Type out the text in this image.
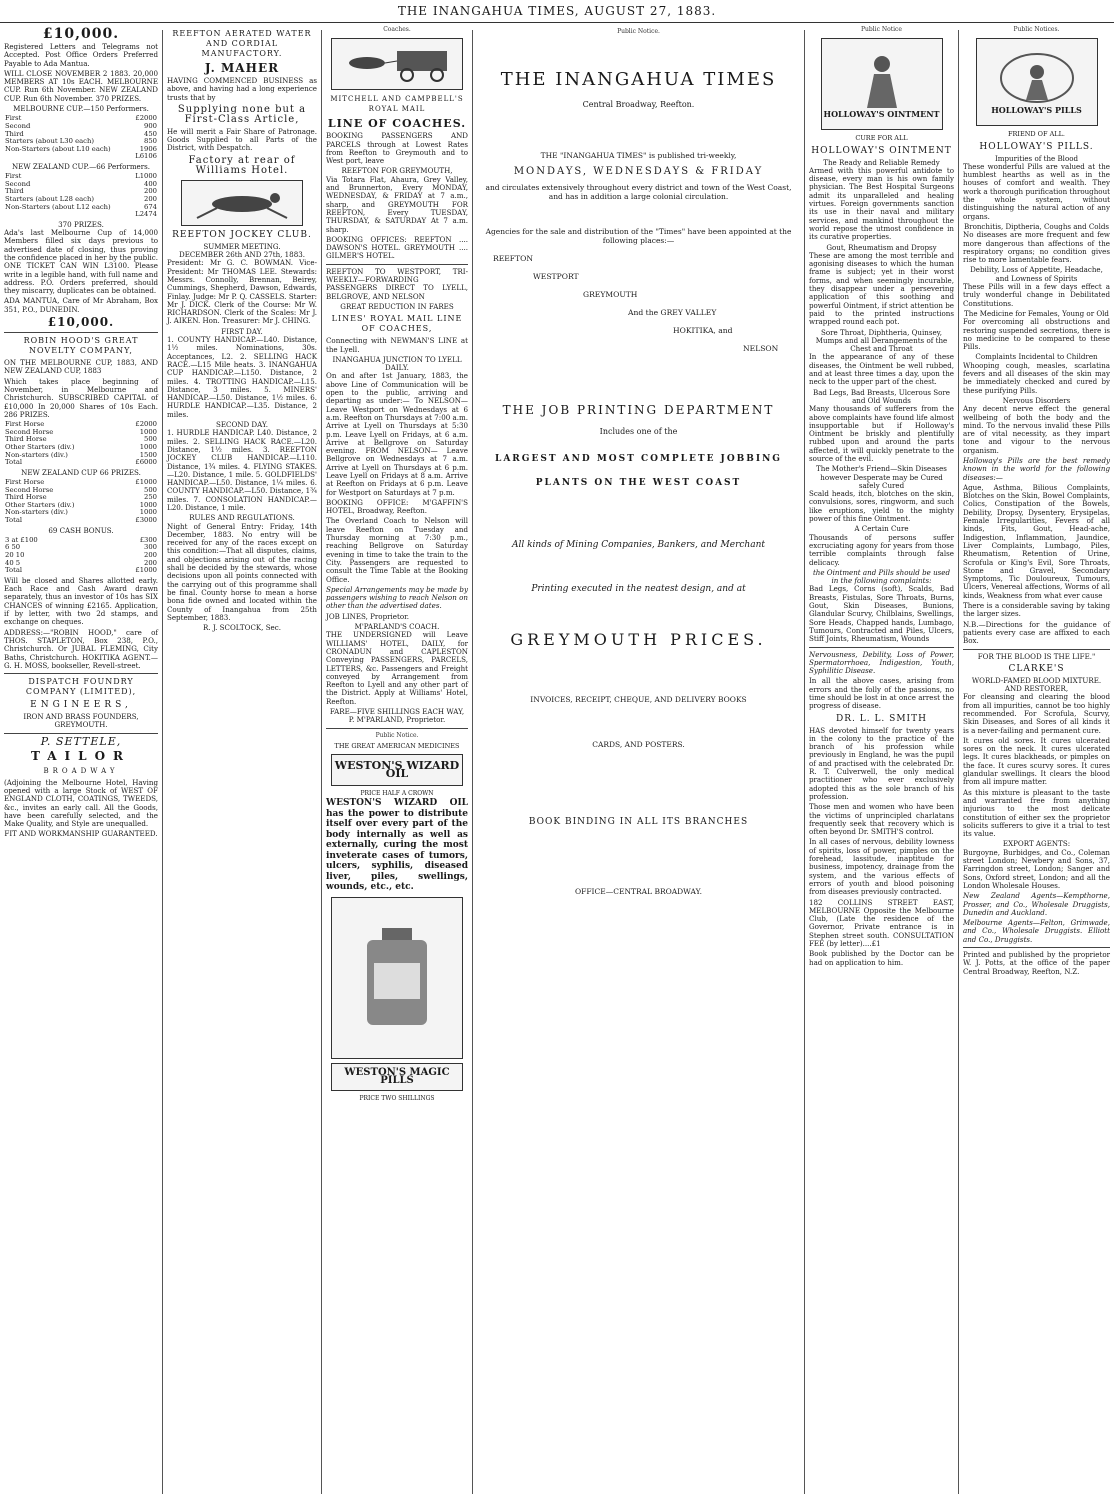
THE INANGAHUA TIMES, AUGUST 27, 1883.
£10,000.

Registered Letters and Telegrams not Accepted. Post Office Orders Preferred Payable to Ada Mantua.

WILL CLOSE NOVEMBER 2 1883. 20,000 MEMBERS AT 10s EACH. MELBOURNE CUP. Run 6th November. NEW ZEALAND CUP. Run 6th November. 370 PRIZES.

MELBOURNE CUP.—150 Performers.
First	£2000
Second	900
Third	450
Starters (about L30 each)	850
Non-Starters (about L10 each)	1906
	L6106
NEW ZEALAND CUP.—66 Performers.
First	L1000
Second	400
Third	200
Starters (about L28 each)	200
Non-Starters (about L12 each)	674
	L2474
370 PRIZES.

Ada's last Melbourne Cup of 14,000 Members filled six days previous to advertised date of closing, thus proving the confidence placed in her by the public. ONE TICKET CAN WIN L3100. Please write in a legible hand, with full name and address. P.O. Orders preferred, should they miscarry, duplicates can be obtained.

ADA MANTUA, Care of Mr Abraham, Box 351, P.O., DUNEDIN.

£10,000.
ROBIN HOOD'S GREAT NOVELTY COMPANY,

ON THE MELBOURNE CUP, 1883, AND NEW ZEALAND CUP, 1883

Which takes place beginning of November, in Melbourne and Christchurch. SUBSCRIBED CAPITAL of £10,000 In 20,000 Shares of 10s Each. 286 PRIZES.

First Horse	£2000
Second Horse	1000
Third Horse	500
Other Starters (div.)	1000
Non-starters (div.)	1500
Total	£6000
NEW ZEALAND CUP 66 PRIZES.
First Horse	£1000
Second Horse	500
Third Horse	250
Other Starters (div.)	1000
Non-starters (div.)	1000
Total	£3000
69 CASH BONUS.
3 at £100	£300
6 50	300
20 10	200
40 5	200
Total	£1000

Will be closed and Shares allotted early. Each Race and Cash Award drawn separately, thus an investor of 10s has SIX CHANCES of winning £2165. Application, if by letter, with two 2d stamps, and exchange on cheques.

ADDRESS:—"ROBIN HOOD," care of THOS. STAPLETON, Box 238, P.O., Christchurch. Or JUBAL FLEMING, City Baths, Christchurch. HOKITIKA AGENT.—G. H. MOSS, bookseller, Revell-street.

DISPATCH FOUNDRY COMPANY (LIMITED),
ENGINEERS,
IRON AND BRASS FOUNDERS, GREYMOUTH.
P. SETTELE,
TAILOR
BROADWAY

(Adjoining the Melbourne Hotel, Having opened with a large Stock of WEST OF ENGLAND CLOTH, COATINGS, TWEEDS, &c., invites an early call. All the Goods, have been carefully selected, and the Make Quality, and Style are unequalled.

FIT AND WORKMANSHIP GUARANTEED.
REEFTON AERATED WATER AND CORDIAL MANUFACTORY.
J. MAHER

HAVING COMMENCED BUSINESS as above, and having had a long experience trusts that by

Supplying none but a First-Class Article,

He will merit a Fair Share of Patronage. Goods Supplied to all Parts of the District, with Despatch.

Factory at rear of Williams Hotel.
REEFTON JOCKEY CLUB.
SUMMER MEETING.
DECEMBER 26th AND 27th, 1883.

President: Mr G. C. BOWMAN. Vice-President: Mr THOMAS LEE. Stewards: Messrs. Connolly, Brennan, Beirey, Cummings, Shepherd, Dawson, Edwards, Finlay. Judge: Mr P. Q. CASSELS. Starter: Mr J. DICK. Clerk of the Course: Mr W. RICHARDSON. Clerk of the Scales: Mr J. J. AIKEN. Hon. Treasurer: Mr J. CHING.

FIRST DAY.

1. COUNTY HANDICAP.—L40. Distance, 1½ miles. Nominations, 30s. Acceptances, L2. 2. SELLING HACK RACE.—L15 Mile heats. 3. INANGAHUA CUP HANDICAP.—L150. Distance, 2 miles. 4. TROTTING HANDICAP.—L15. Distance, 3 miles. 5. MINERS' HANDICAP.—L50. Distance, 1½ miles. 6. HURDLE HANDICAP.—L35. Distance, 2 miles.

SECOND DAY.

1. HURDLE HANDICAP. L40. Distance, 2 miles. 2. SELLING HACK RACE.—L20. Distance, 1½ miles. 3. REEFTON JOCKEY CLUB HANDICAP.—L110. Distance, 1¾ miles. 4. FLYING STAKES.—L20. Distance, 1 mile. 5. GOLDFIELDS' HANDICAP.—L50. Distance, 1¼ miles. 6. COUNTY HANDICAP.—L50. Distance, 1¾ miles. 7. CONSOLATION HANDICAP.—L20. Distance, 1 mile.

RULES AND REGULATIONS.

Night of General Entry: Friday, 14th December, 1883. No entry will be received for any of the races except on this condition:—That all disputes, claims, and objections arising out of the racing shall be decided by the stewards, whose decisions upon all points connected with the carrying out of this programme shall be final. County horse to mean a horse bona fide owned and located within the County of Inangahua from 25th September, 1883.

R. J. SCOLTOCK, Sec.
Coaches.
MITCHELL AND CAMPBELL'S ROYAL MAIL
LINE OF COACHES.

BOOKING PASSENGERS AND PARCELS through at Lowest Rates from Reefton to Greymouth and to West port, leave

REEFTON FOR GREYMOUTH,

Via Totara Flat, Ahaura, Grey Valley, and Brunnerton, Every MONDAY, WEDNESDAY, & FRIDAY at 7 a.m., sharp, and GREYMOUTH FOR REEFTON, Every TUESDAY, THURSDAY, & SATURDAY At 7 a.m. sharp.

BOOKING OFFICES: REEFTON .... DAWSON'S HOTEL. GREYMOUTH .... GILMER'S HOTEL.

REEFTON TO WESTPORT, TRI-WEEKLY—FORWARDING PASSENGERS DIRECT TO LYELL, BELGROVE, AND NELSON

GREAT REDUCTION IN FARES
LINES' ROYAL MAIL LINE OF COACHES,

Connecting with NEWMAN'S LINE at the Lyell.

INANGAHUA JUNCTION TO LYELL DAILY.

On and after 1st January, 1883, the above Line of Communication will be open to the public, arriving and departing as under:— To NELSON— Leave Westport on Wednesdays at 6 a.m. Reefton on Thursdays at 7:00 a.m. Arrive at Lyell on Thursdays at 5:30 p.m. Leave Lyell on Fridays, at 6 a.m. Arrive at Bellgrove on Saturday evening. FROM NELSON— Leave Bellgrove on Wednesdays at 7 a.m. Arrive at Lyell on Thursdays at 6 p.m. Leave Lyell on Fridays at 8 a.m. Arrive at Reefton on Fridays at 6 p.m. Leave for Westport on Saturdays at 7 p.m.

BOOKING OFFICE: M'GAFFIN'S HOTEL, Broadway, Reefton.

The Overland Coach to Nelson will leave Reefton on Tuesday and Thursday morning at 7:30 p.m., reaching Bellgrove on Saturday evening in time to take the train to the City. Passengers are requested to consult the Time Table at the Booking Office.

Special Arrangements may be made by passengers wishing to reach Nelson on other than the advertised dates.

JOB LINES, Proprietor.

M'PARLAND'S COACH.

THE UNDERSIGNED will Leave WILLIAMS' HOTEL, DAILY, for CRONADUN and CAPLESTON Conveying PASSENGERS, PARCELS, LETTERS, &c. Passengers and Freight conveyed by Arrangement from Reefton to Lyell and any other part of the District. Apply at Williams' Hotel, Reefton.

FARE—FIVE SHILLINGS EACH WAY,
P. M'PARLAND, Proprietor.
Public Notice.
THE GREAT AMERICAN MEDICINES
WESTON'S WIZARD OIL
PRICE HALF A CROWN

WESTON'S WIZARD OIL has the power to distribute itself over every part of the body internally as well as externally, curing the most inveterate cases of tumors, ulcers, syphilis, diseased liver, piles, swellings, wounds, etc., etc.

WESTON'S MAGIC PILLS
PRICE TWO SHILLINGS
Public Notice.
THE INANGAHUA TIMES
Central Broadway, Reefton.
THE "INANGAHUA TIMES" is published tri-weekly,
MONDAYS, WEDNESDAYS & FRIDAY
and circulates extensively throughout every district and town of the West Coast, and has in addition a large colonial circulation.
Agencies for the sale and distribution of the "Times" have been appointed at the following places:—
REEFTON
WESTPORT
GREYMOUTH
And the GREY VALLEY
HOKITIKA, and
NELSON
THE JOB PRINTING DEPARTMENT
Includes one of the
LARGEST AND MOST COMPLETE JOBBING
PLANTS ON THE WEST COAST
All kinds of Mining Companies, Bankers, and Merchant
Printing executed in the neatest design, and at
GREYMOUTH PRICES.
INVOICES, RECEIPT, CHEQUE, AND DELIVERY BOOKS
CARDS, AND POSTERS.
BOOK BINDING IN ALL ITS BRANCHES
OFFICE—CENTRAL BROADWAY.
Public Notice
HOLLOWAY'S OINTMENT
CURE FOR ALL
HOLLOWAY'S OINTMENT
The Ready and Reliable Remedy

Armed with this powerful antidote to disease, every man is his own family physician. The Best Hospital Surgeons admit its unparalleled and healing virtues. Foreign governments sanction its use in their naval and military services, and mankind throughout the world repose the utmost confidence in its curative properties.

Gout, Rheumatism and Dropsy

These are among the most terrible and agonising diseases to which the human frame is subject; yet in their worst forms, and when seemingly incurable, they disappear under a persevering application of this soothing and powerful Ointment, if strict attention be paid to the printed instructions wrapped round each pot.

Sore Throat, Diphtheria, Quinsey, Mumps and all Derangements of the Chest and Throat

In the appearance of any of these diseases, the Ointment be well rubbed, and at least three times a day, upon the neck to the upper part of the chest.

Bad Legs, Bad Breasts, Ulcerous Sore and Old Wounds

Many thousands of sufferers from the above complaints have found life almost insupportable but if Holloway's Ointment be briskly and plentifully rubbed upon and around the parts affected, it will quickly penetrate to the source of the evil.

The Mother's Friend—Skin Diseases however Desperate may be Cured safely Cured

Scald heads, itch, blotches on the skin, convulsions, sores, ringworm, and such like eruptions, yield to the mighty power of this fine Ointment.

A Certain Cure

Thousands of persons suffer excruciating agony for years from those terrible complaints through false delicacy.

the Ointment and Pills should be used in the following complaints:

Bad Legs, Corns (soft), Scalds, Bad Breasts, Fistulas, Sore Throats, Burns, Gout, Skin Diseases, Bunions, Glandular Scurvy, Chilblains, Swellings, Sore Heads, Chapped hands, Lumbago, Tumours, Contracted and Piles, Ulcers, Stiff Joints, Rheumatism, Wounds

Nervousness, Debility, Loss of Power, Spermatorrhoea, Indigestion, Youth, Syphilitic Disease.

In all the above cases, arising from errors and the folly of the passions, no time should be lost in at once arrest the progress of disease.

DR. L. L. SMITH

HAS devoted himself for twenty years in the colony to the practice of the branch of his profession while previously in England, he was the pupil of and practised with the celebrated Dr. R. T. Culverwell, the only medical practitioner who ever exclusively adopted this as the sole branch of his profession.

Those men and women who have been the victims of unprincipled charlatans frequently seek that recovery which is often beyond Dr. SMITH'S control.

In all cases of nervous, debility lowness of spirits, loss of power, pimples on the forehead, lassitude, inaptitude for business, impotency, drainage from the system, and the various effects of errors of youth and blood poisoning from diseases previously contracted.

182 COLLINS STREET EAST, MELBOURNE Opposite the Melbourne Club, (Late the residence of the Governor, Private entrance is in Stephen street south. CONSULTATION FEE (by letter)....£1

Book published by the Doctor can be had on application to him.

Public Notices.
HOLLOWAY'S PILLS
FRIEND OF ALL.
HOLLOWAY'S PILLS.
Impurities of the Blood

These wonderful Pills are valued at the humblest hearths as well as in the houses of comfort and wealth. They work a thorough purification throughout the whole system, without distinguishing the natural action of any organs.

Bronchitis, Diptheria, Coughs and Colds

No diseases are more frequent and few more dangerous than affections of the respiratory organs; no condition gives rise to more lamentable fears.

Debility, Loss of Appetite, Headache, and Lowness of Spirits

These Pills will in a few days effect a truly wonderful change in Debilitated Constitutions.

The Medicine for Females, Young or Old

For overcoming all obstructions and restoring suspended secretions, there is no medicine to be compared to these Pills.

Complaints Incidental to Children

Whooping cough, measles, scarlatina fevers and all diseases of the skin may be immediately checked and cured by these purifying Pills.

Nervous Disorders

Any decent nerve effect the general wellbeing of both the body and the mind. To the nervous invalid these Pills are of vital necessity, as they impart tone and vigour to the nervous organism.

Holloway's Pills are the best remedy known in the world for the following diseases:—

Ague, Asthma, Bilious Complaints, Blotches on the Skin, Bowel Complaints, Colics, Constipation of the Bowels, Debility, Dropsy, Dysentery, Erysipelas, Female Irregularities, Fevers of all kinds, Fits, Gout, Head-ache, Indigestion, Inflammation, Jaundice, Liver Complaints, Lumbago, Piles, Rheumatism, Retention of Urine, Scrofula or King's Evil, Sore Throats, Stone and Gravel, Secondary Symptoms, Tic Douloureux, Tumours, Ulcers, Venereal affections, Worms of all kinds, Weakness from what ever cause

There is a considerable saving by taking the larger sizes.

N.B.—Directions for the guidance of patients every case are affixed to each Box.

FOR THE BLOOD IS THE LIFE."
CLARKE'S
WORLD-FAMED BLOOD MIXTURE.
AND RESTORER,

For cleansing and clearing the blood from all impurities, cannot be too highly recommended. For Scrofula, Scurvy, Skin Diseases, and Sores of all kinds it is a never-failing and permanent cure.

It cures old sores. It cures ulcerated sores on the neck. It cures ulcerated legs. It cures blackheads, or pimples on the face. It cures scurvy sores. It cures glandular swellings. It clears the blood from all impure matter.

As this mixture is pleasant to the taste and warranted free from anything injurious to the most delicate constitution of either sex the proprietor solicits sufferers to give it a trial to test its value.

EXPORT AGENTS:

Burgoyne, Burbidges, and Co., Coleman street London; Newbery and Sons, 37, Farringdon street, London; Sanger and Sons, Oxford street, London; and all the London Wholesale Houses.

New Zealand Agents—Kempthorne, Prosser, and Co., Wholesale Druggists, Dunedin and Auckland.

Melbourne Agents—Felton, Grimwade, and Co., Wholesale Druggists. Elliott and Co., Druggists.

Printed and published by the proprietor W. J. Potts, at the office of the paper Central Broadway, Reefton, N.Z.
